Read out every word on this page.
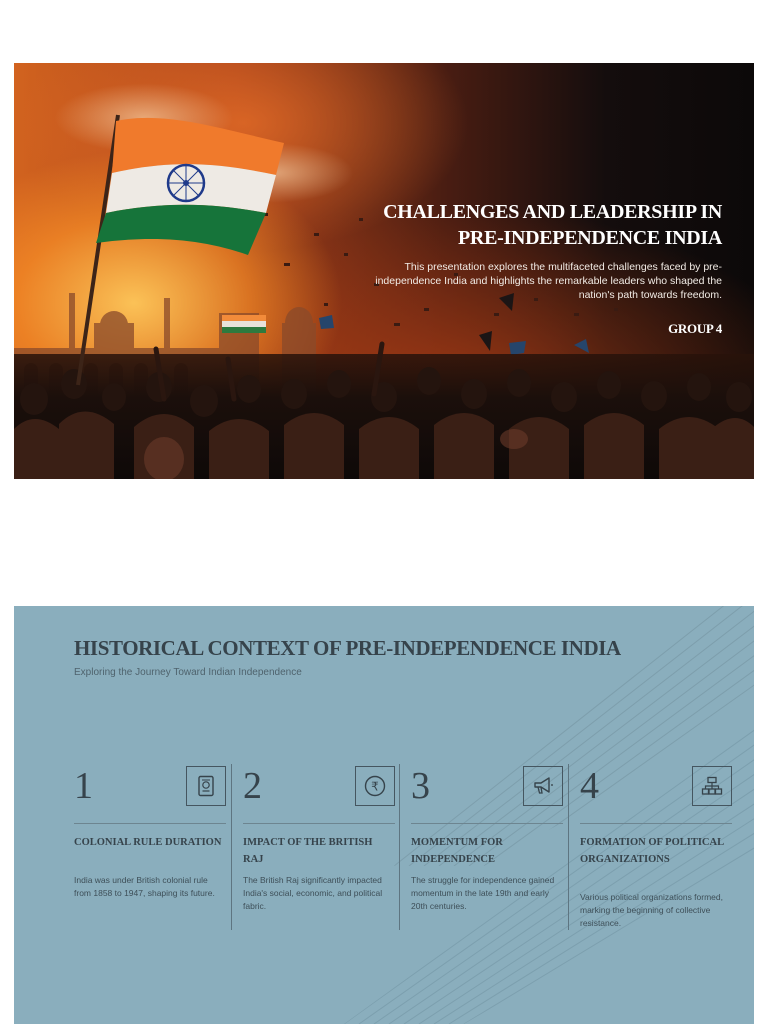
CHALLENGES AND LEADERSHIP IN
PRE-INDEPENDENCE INDIA
This presentation explores the multifaceted challenges faced by pre-independence India and highlights the remarkable leaders who shaped the nation's path towards freedom.
GROUP 4
HISTORICAL CONTEXT OF PRE-INDEPENDENCE INDIA
Exploring the Journey Toward Indian Independence
1
COLONIAL RULE DURATION
India was under British colonial rule from 1858 to 1947, shaping its future.
2	₹
IMPACT OF THE BRITISH RAJ
The British Raj significantly impacted India's social, economic, and political fabric.
3
MOMENTUM FOR INDEPENDENCE
The struggle for independence gained momentum in the late 19th and early 20th centuries.
4
FORMATION OF POLITICAL ORGANIZATIONS
Various political organizations formed, marking the beginning of collective resistance.
